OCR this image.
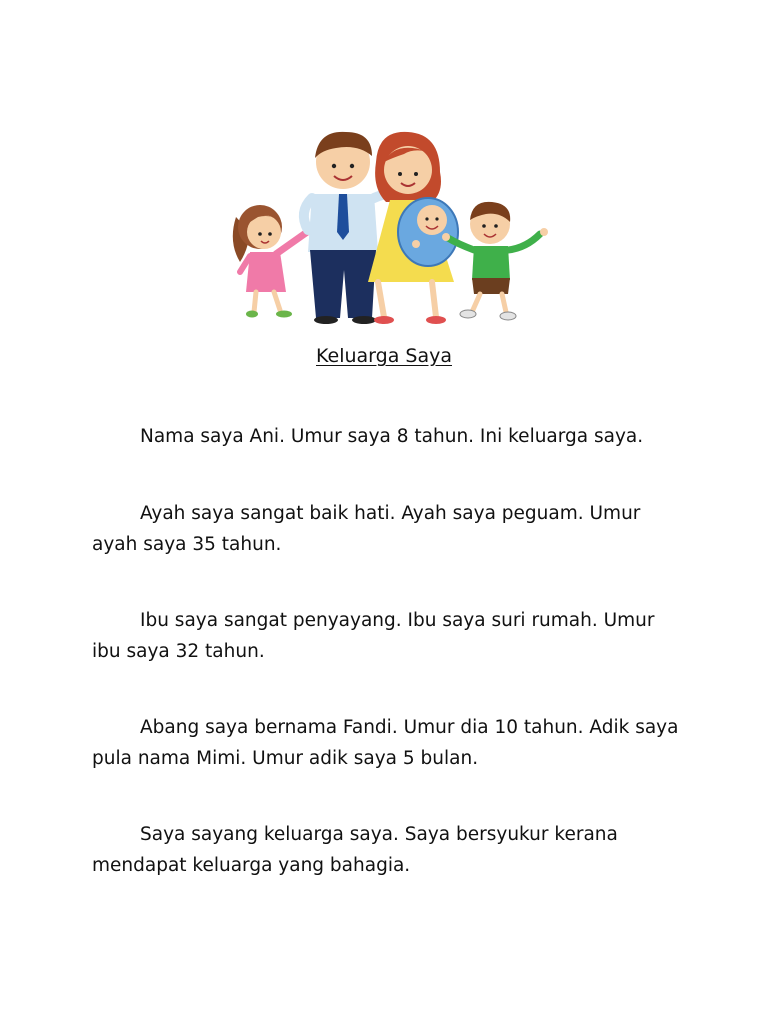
Keluarga Saya

Nama saya Ani. Umur saya 8 tahun. Ini keluarga saya.

Ayah saya sangat baik hati. Ayah saya peguam. Umur ayah saya 35 tahun.

Ibu saya sangat penyayang. Ibu saya suri rumah. Umur ibu saya 32 tahun.

Abang saya bernama Fandi. Umur dia 10 tahun. Adik saya pula nama Mimi. Umur adik saya 5 bulan.

Saya sayang keluarga saya. Saya bersyukur kerana mendapat keluarga yang bahagia.
